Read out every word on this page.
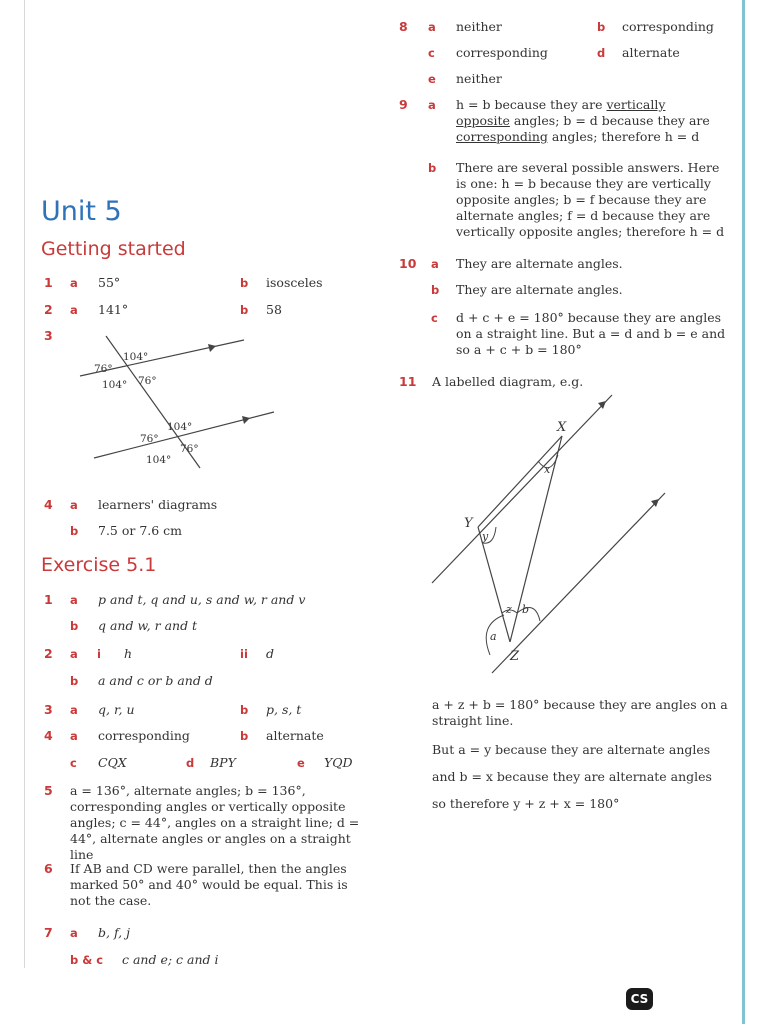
8 a neither	b corresponding
c corresponding	d alternate
e neither
9 a h = b because they are vertically
opposite angles; b = d because they are
corresponding angles; therefore h = d
b There are several possible answers. Here is one: h = b because they are vertically opposite angles; b = f because they are alternate angles; f = d because they are vertically opposite angles; therefore h = d
10 a They are alternate angles.
b They are alternate angles.
c d + c + e = 180° because they are angles on a straight line. But a = d and b = e and so a + c + b = 180°
11 A labelled diagram, e.g.
X
Y
Z
x
y
z b
a
a + z + b = 180° because they are angles on a straight line.
But a = y because they are alternate angles
and b = x because they are alternate angles
so therefore y + z + x = 180°
Unit 5
Getting started
1 a 55°	b isosceles
2 a 141°	b 58
3
76°
104°
104° 76°
76°
104°
104°
76°
4 a learners' diagrams
b 7.5 or 7.6 cm
Exercise 5.1
1 a p and t, q and u, s and w, r and v
b q and w, r and t
2 a i h	ii d
b a and c or b and d
3 a q, r, u	b p, s, t
4 a corresponding	b alternate
c CQX	d BPY	e YQD
5 a = 136°, alternate angles; b = 136°, corresponding angles or vertically opposite angles; c = 44°, angles on a straight line; d = 44°, alternate angles or angles on a straight line
6 If AB and CD were parallel, then the angles marked 50° and 40° would be equal. This is not the case.
7 a b, f, j
b & c c and e; c and i
CS
